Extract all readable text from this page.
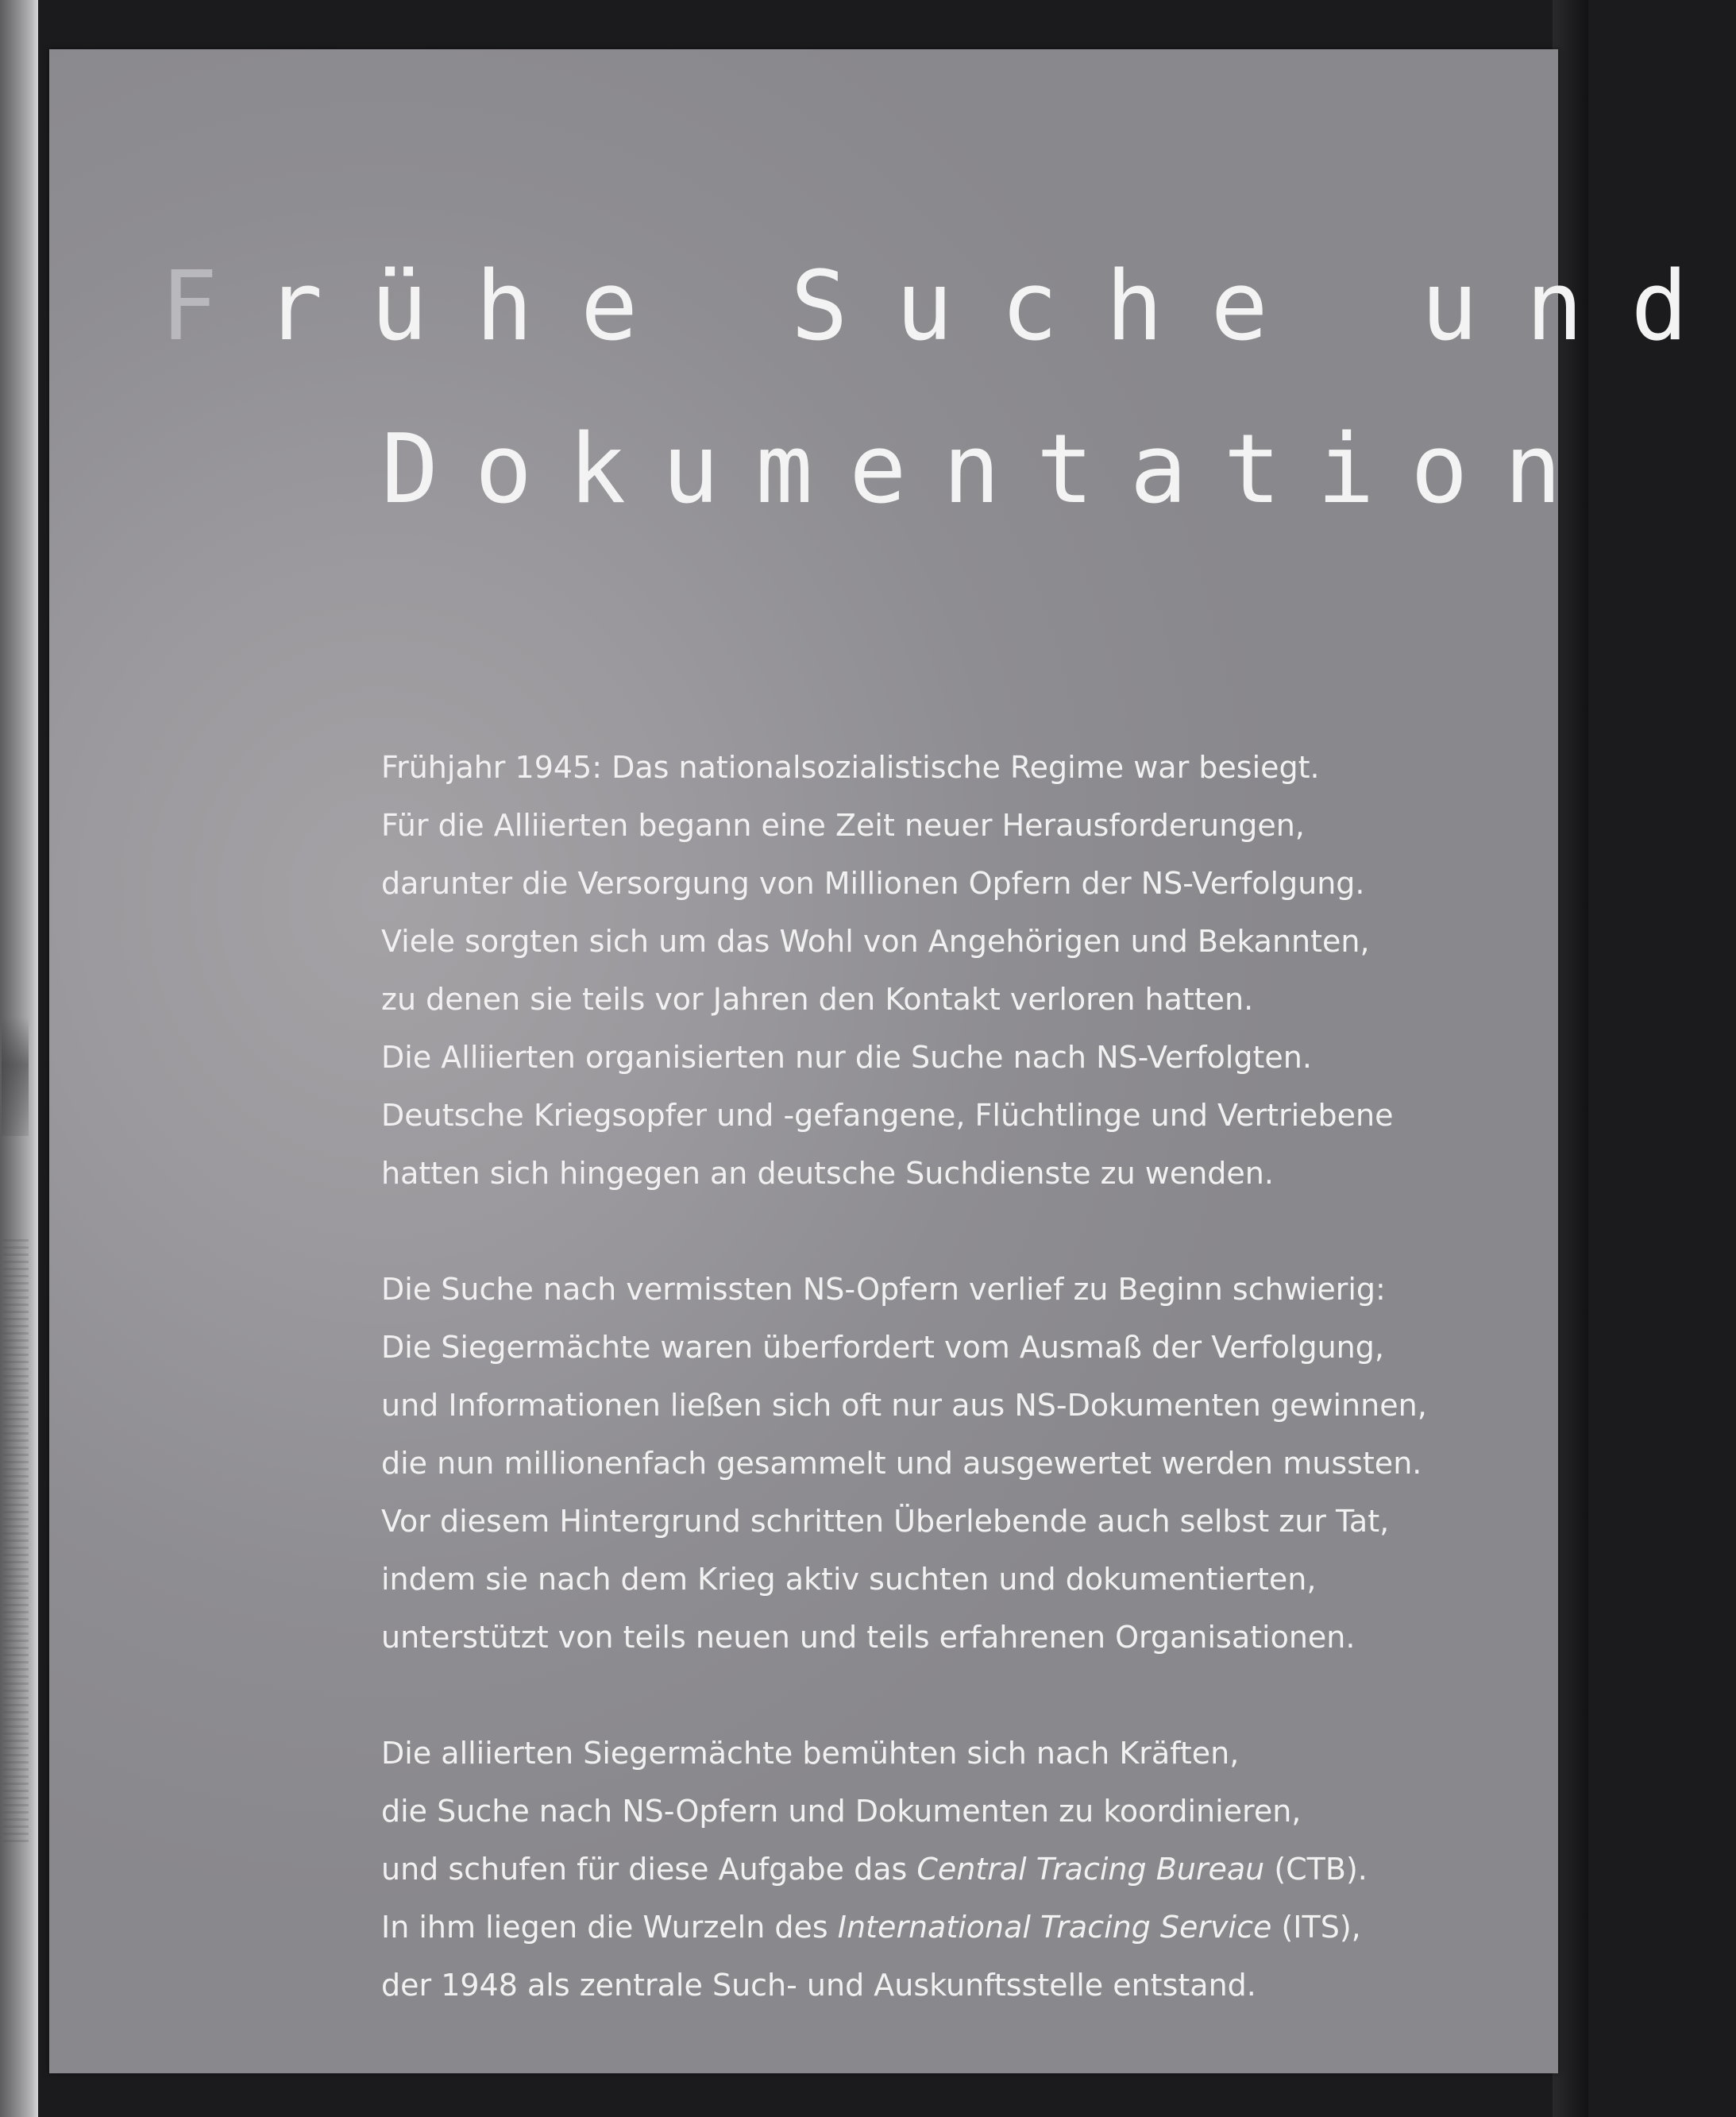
Frühe Suche und
Dokumentation

Frühjahr 1945: Das nationalsozialistische Regime war besiegt.
Für die Alliierten begann eine Zeit neuer Herausforderungen,
darunter die Versorgung von Millionen Opfern der NS-Verfolgung.
Viele sorgten sich um das Wohl von Angehörigen und Bekannten,
zu denen sie teils vor Jahren den Kontakt verloren hatten.
Die Alliierten organisierten nur die Suche nach NS-Verfolgten.
Deutsche Kriegsopfer und -gefangene, Flüchtlinge und Vertriebene
hatten sich hingegen an deutsche Suchdienste zu wenden.

Die Suche nach vermissten NS-Opfern verlief zu Beginn schwierig:
Die Siegermächte waren überfordert vom Ausmaß der Verfolgung,
und Informationen ließen sich oft nur aus NS-Dokumenten gewinnen,
die nun millionenfach gesammelt und ausgewertet werden mussten.
Vor diesem Hintergrund schritten Überlebende auch selbst zur Tat,
indem sie nach dem Krieg aktiv suchten und dokumentierten,
unterstützt von teils neuen und teils erfahrenen Organisationen.

Die alliierten Siegermächte bemühten sich nach Kräften,
die Suche nach NS-Opfern und Dokumenten zu koordinieren,
und schufen für diese Aufgabe das Central Tracing Bureau (CTB).
In ihm liegen die Wurzeln des International Tracing Service (ITS),
der 1948 als zentrale Such- und Auskunftsstelle entstand.
